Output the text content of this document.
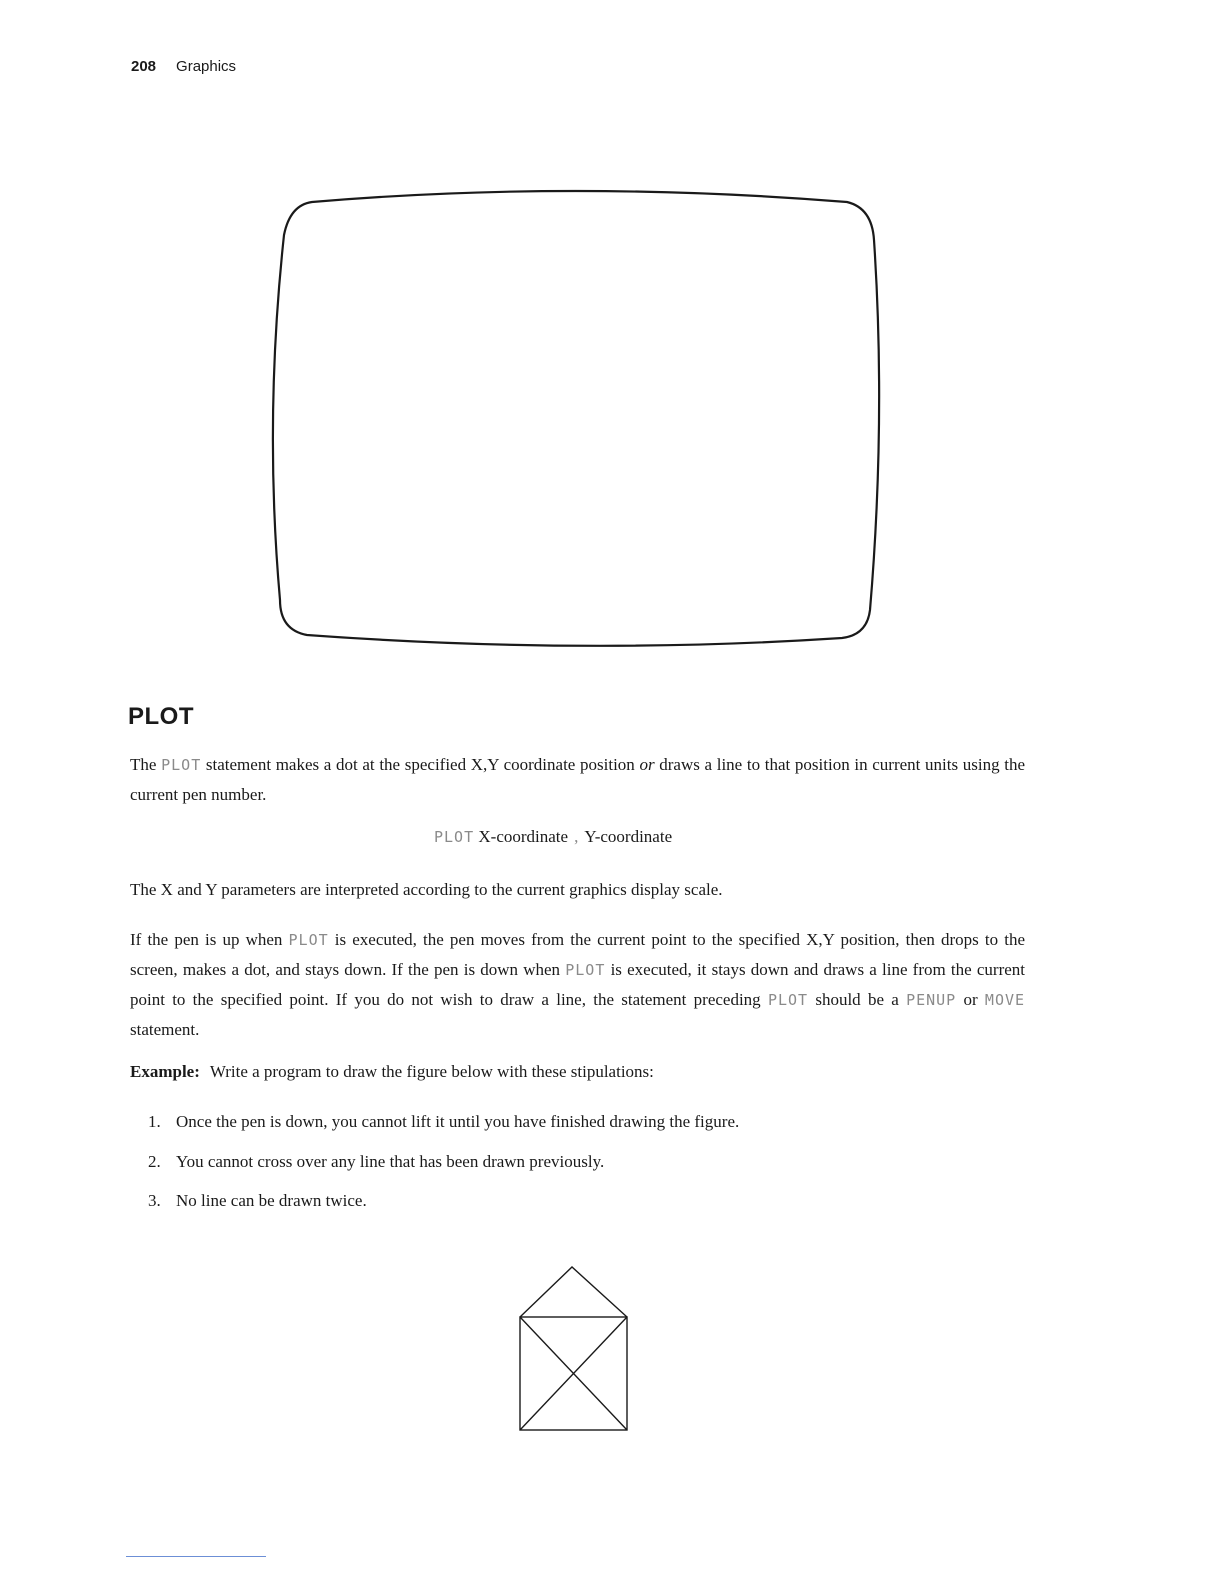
208 Graphics
PLOT

The PLOT statement makes a dot at the specified X,Y coordinate position or draws a line to that position in current units using the current pen number.

PLOT X-coordinate , Y-coordinate

The X and Y parameters are interpreted according to the current graphics display scale.

If the pen is up when PLOT is executed, the pen moves from the current point to the specified X,Y position, then drops to the screen, makes a dot, and stays down. If the pen is down when PLOT is executed, it stays down and draws a line from the current point to the specified point. If you do not wish to draw a line, the statement preceding PLOT should be a PENUP or MOVE statement.

Example: Write a program to draw the figure below with these stipulations:
1. Once the pen is down, you cannot lift it until you have finished drawing the figure.
2. You cannot cross over any line that has been drawn previously.
3. No line can be drawn twice.
